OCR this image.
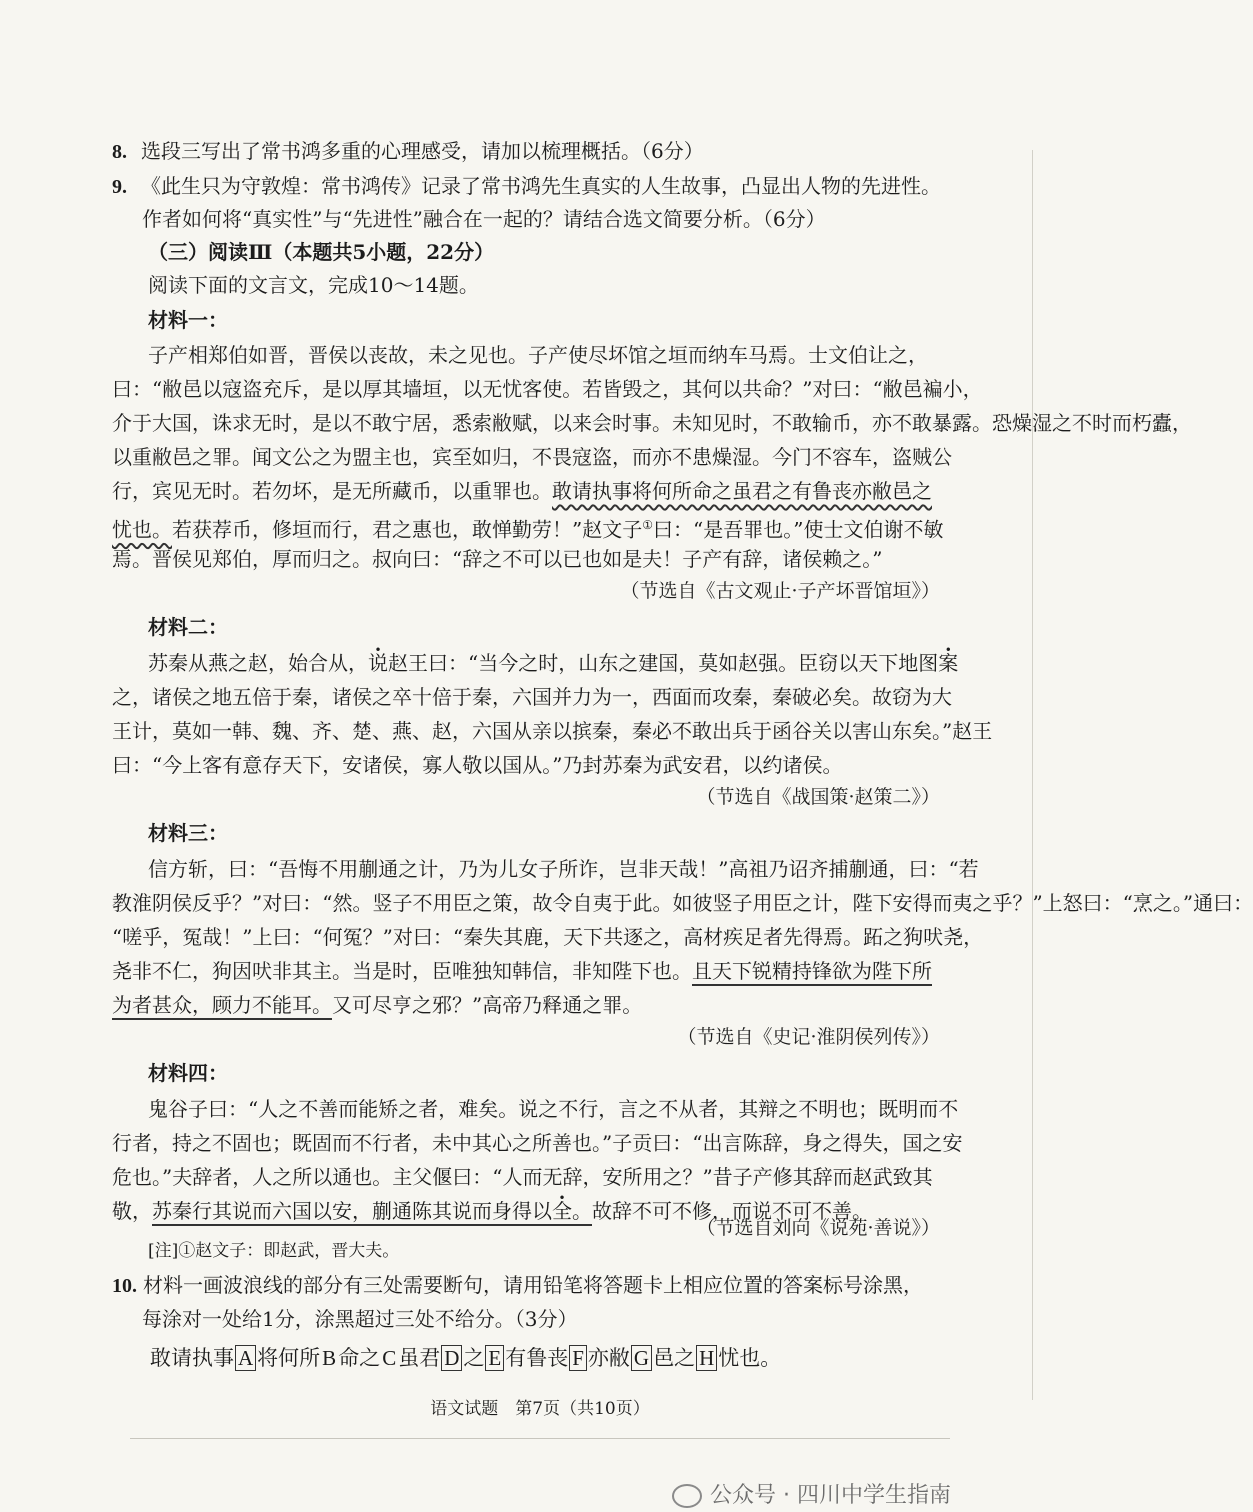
8. 选段三写出了常书鸿多重的心理感受，请加以梳理概括。（6分）
9. 《此生只为守敦煌：常书鸿传》记录了常书鸿先生真实的人生故事，凸显出人物的先进性。
作者如何将“真实性”与“先进性”融合在一起的？请结合选文简要分析。（6分）
（三）阅读Ⅲ（本题共5小题，22分）
阅读下面的文言文，完成10～14题。
材料一：
子产相郑伯如晋，晋侯以丧故，未之见也。子产使尽坏馆之垣而纳车马焉。士文伯让之，
曰：“敝邑以寇盗充斥，是以厚其墙垣，以无忧客使。若皆毁之，其何以共命？”对曰：“敝邑褊小，
介于大国，诛求无时，是以不敢宁居，悉索敝赋，以来会时事。未知见时，不敢输币，亦不敢暴露。恐燥湿之不时而朽蠹，
以重敝邑之罪。闻文公之为盟主也，宾至如归，不畏寇盗，而亦不患燥湿。今门不容车，盗贼公
行，宾见无时。若勿坏，是无所藏币，以重罪也。敢请执事将何所命之虽君之有鲁丧亦敝邑之
忧也。若获荐币，修垣而行，君之惠也，敢惮勤劳！”赵文子①曰：“是吾罪也。”使士文伯谢不敏
焉。晋侯见郑伯，厚而归之。叔向曰：“辞之不可以已也如是夫！子产有辞，诸侯赖之。”
（节选自《古文观止·子产坏晋馆垣》）
材料二：
苏秦从燕之赵，始合从，说赵王曰：“当今之时，山东之建国，莫如赵强。臣窃以天下地图案
之，诸侯之地五倍于秦，诸侯之卒十倍于秦，六国并力为一，西面而攻秦，秦破必矣。故窃为大
王计，莫如一韩、魏、齐、楚、燕、赵，六国从亲以摈秦，秦必不敢出兵于函谷关以害山东矣。”赵王
曰：“今上客有意存天下，安诸侯，寡人敬以国从。”乃封苏秦为武安君，以约诸侯。
（节选自《战国策·赵策二》）
材料三：
信方斩，曰：“吾悔不用蒯通之计，乃为儿女子所诈，岂非天哉！”高祖乃诏齐捕蒯通，曰：“若
教淮阴侯反乎？”对曰：“然。竖子不用臣之策，故令自夷于此。如彼竖子用臣之计，陛下安得而夷之乎？”上怒曰：“烹之。”通曰：
“嗟乎，冤哉！”上曰：“何冤？”对曰：“秦失其鹿，天下共逐之，高材疾足者先得焉。跖之狗吠尧，
尧非不仁，狗因吠非其主。当是时，臣唯独知韩信，非知陛下也。且天下锐精持锋欲为陛下所
为者甚众，顾力不能耳。又可尽亨之邪？”高帝乃释通之罪。
（节选自《史记·淮阴侯列传》）
材料四：
鬼谷子曰：“人之不善而能矫之者，难矣。说之不行，言之不从者，其辩之不明也；既明而不
行者，持之不固也；既固而不行者，未中其心之所善也。”子贡曰：“出言陈辞，身之得失，国之安
危也。”夫辞者，人之所以通也。主父偃曰：“人而无辞，安所用之？”昔子产修其辞而赵武致其
敬，苏秦行其说而六国以安，蒯通陈其说而身得以全。故辞不可不修，而说不可不善。
（节选自刘向《说苑·善说》）
[注]①赵文子：即赵武，晋大夫。
10. 材料一画波浪线的部分有三处需要断句，请用铅笔将答题卡上相应位置的答案标号涂黑，
每涂对一处给1分，涂黑超过三处不给分。（3分）
敢请执事 A 将何所B命之C虽君 D 之 E 有鲁丧 F 亦敝 G 邑之 H 忧也。
语文试题　第7页（共10页）
公众号 · 四川中学生指南
